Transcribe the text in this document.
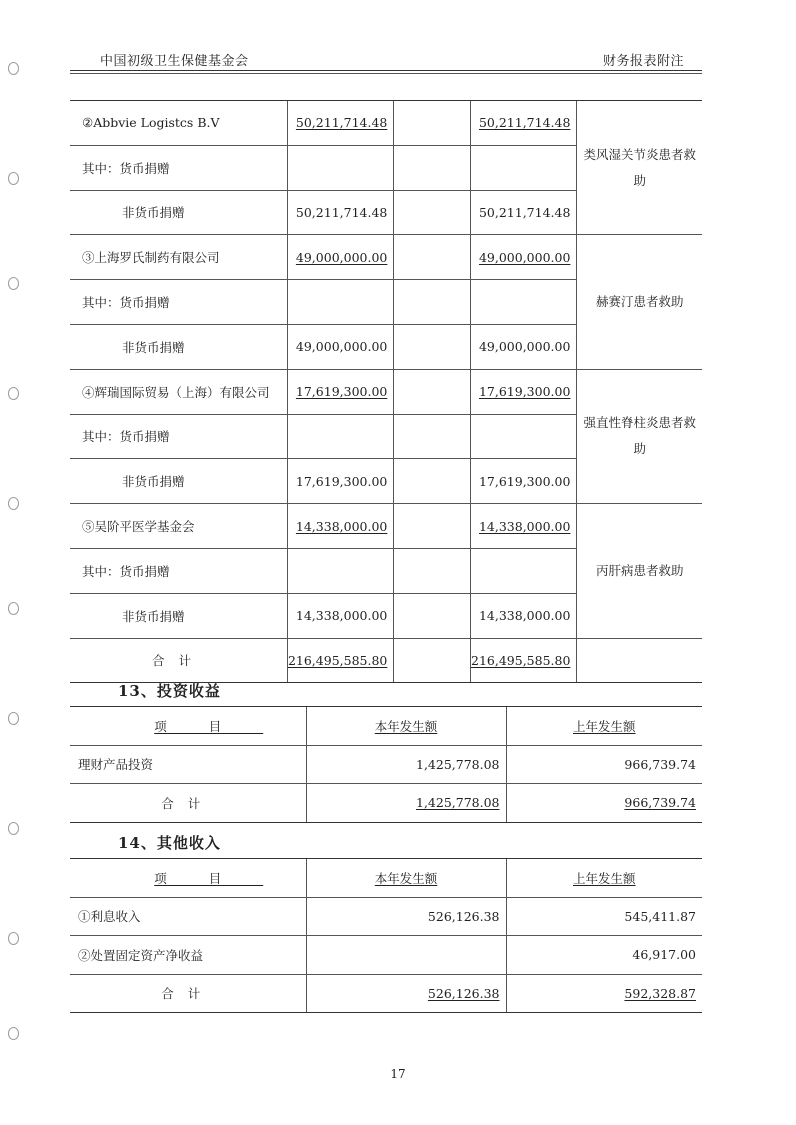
中国初级卫生保健基金会	财务报表附注
②Abbvie Logistcs B.V	50,211,714.48		50,211,714.48	类风湿关节炎患者救助
其中：货币捐赠				
非货币捐赠	50,211,714.48		50,211,714.48	
③上海罗氏制药有限公司	49,000,000.00		49,000,000.00	赫赛汀患者救助
其中：货币捐赠				
非货币捐赠	49,000,000.00		49,000,000.00	
④辉瑞国际贸易（上海）有限公司	17,619,300.00		17,619,300.00	强直性脊柱炎患者救助
其中：货币捐赠				
非货币捐赠	17,619,300.00		17,619,300.00	
⑤吴阶平医学基金会	14,338,000.00		14,338,000.00	丙肝病患者救助
其中：货币捐赠				
非货币捐赠	14,338,000.00		14,338,000.00	
合计	216,495,585.80		216,495,585.80	
13、投资收益
项目	本年发生额	上年发生额
理财产品投资	1,425,778.08	966,739.74
合计	1,425,778.08	966,739.74
14、其他收入
项目	本年发生额	上年发生额
①利息收入	526,126.38	545,411.87
②处置固定资产净收益		46,917.00
合计	526,126.38	592,328.87
17
